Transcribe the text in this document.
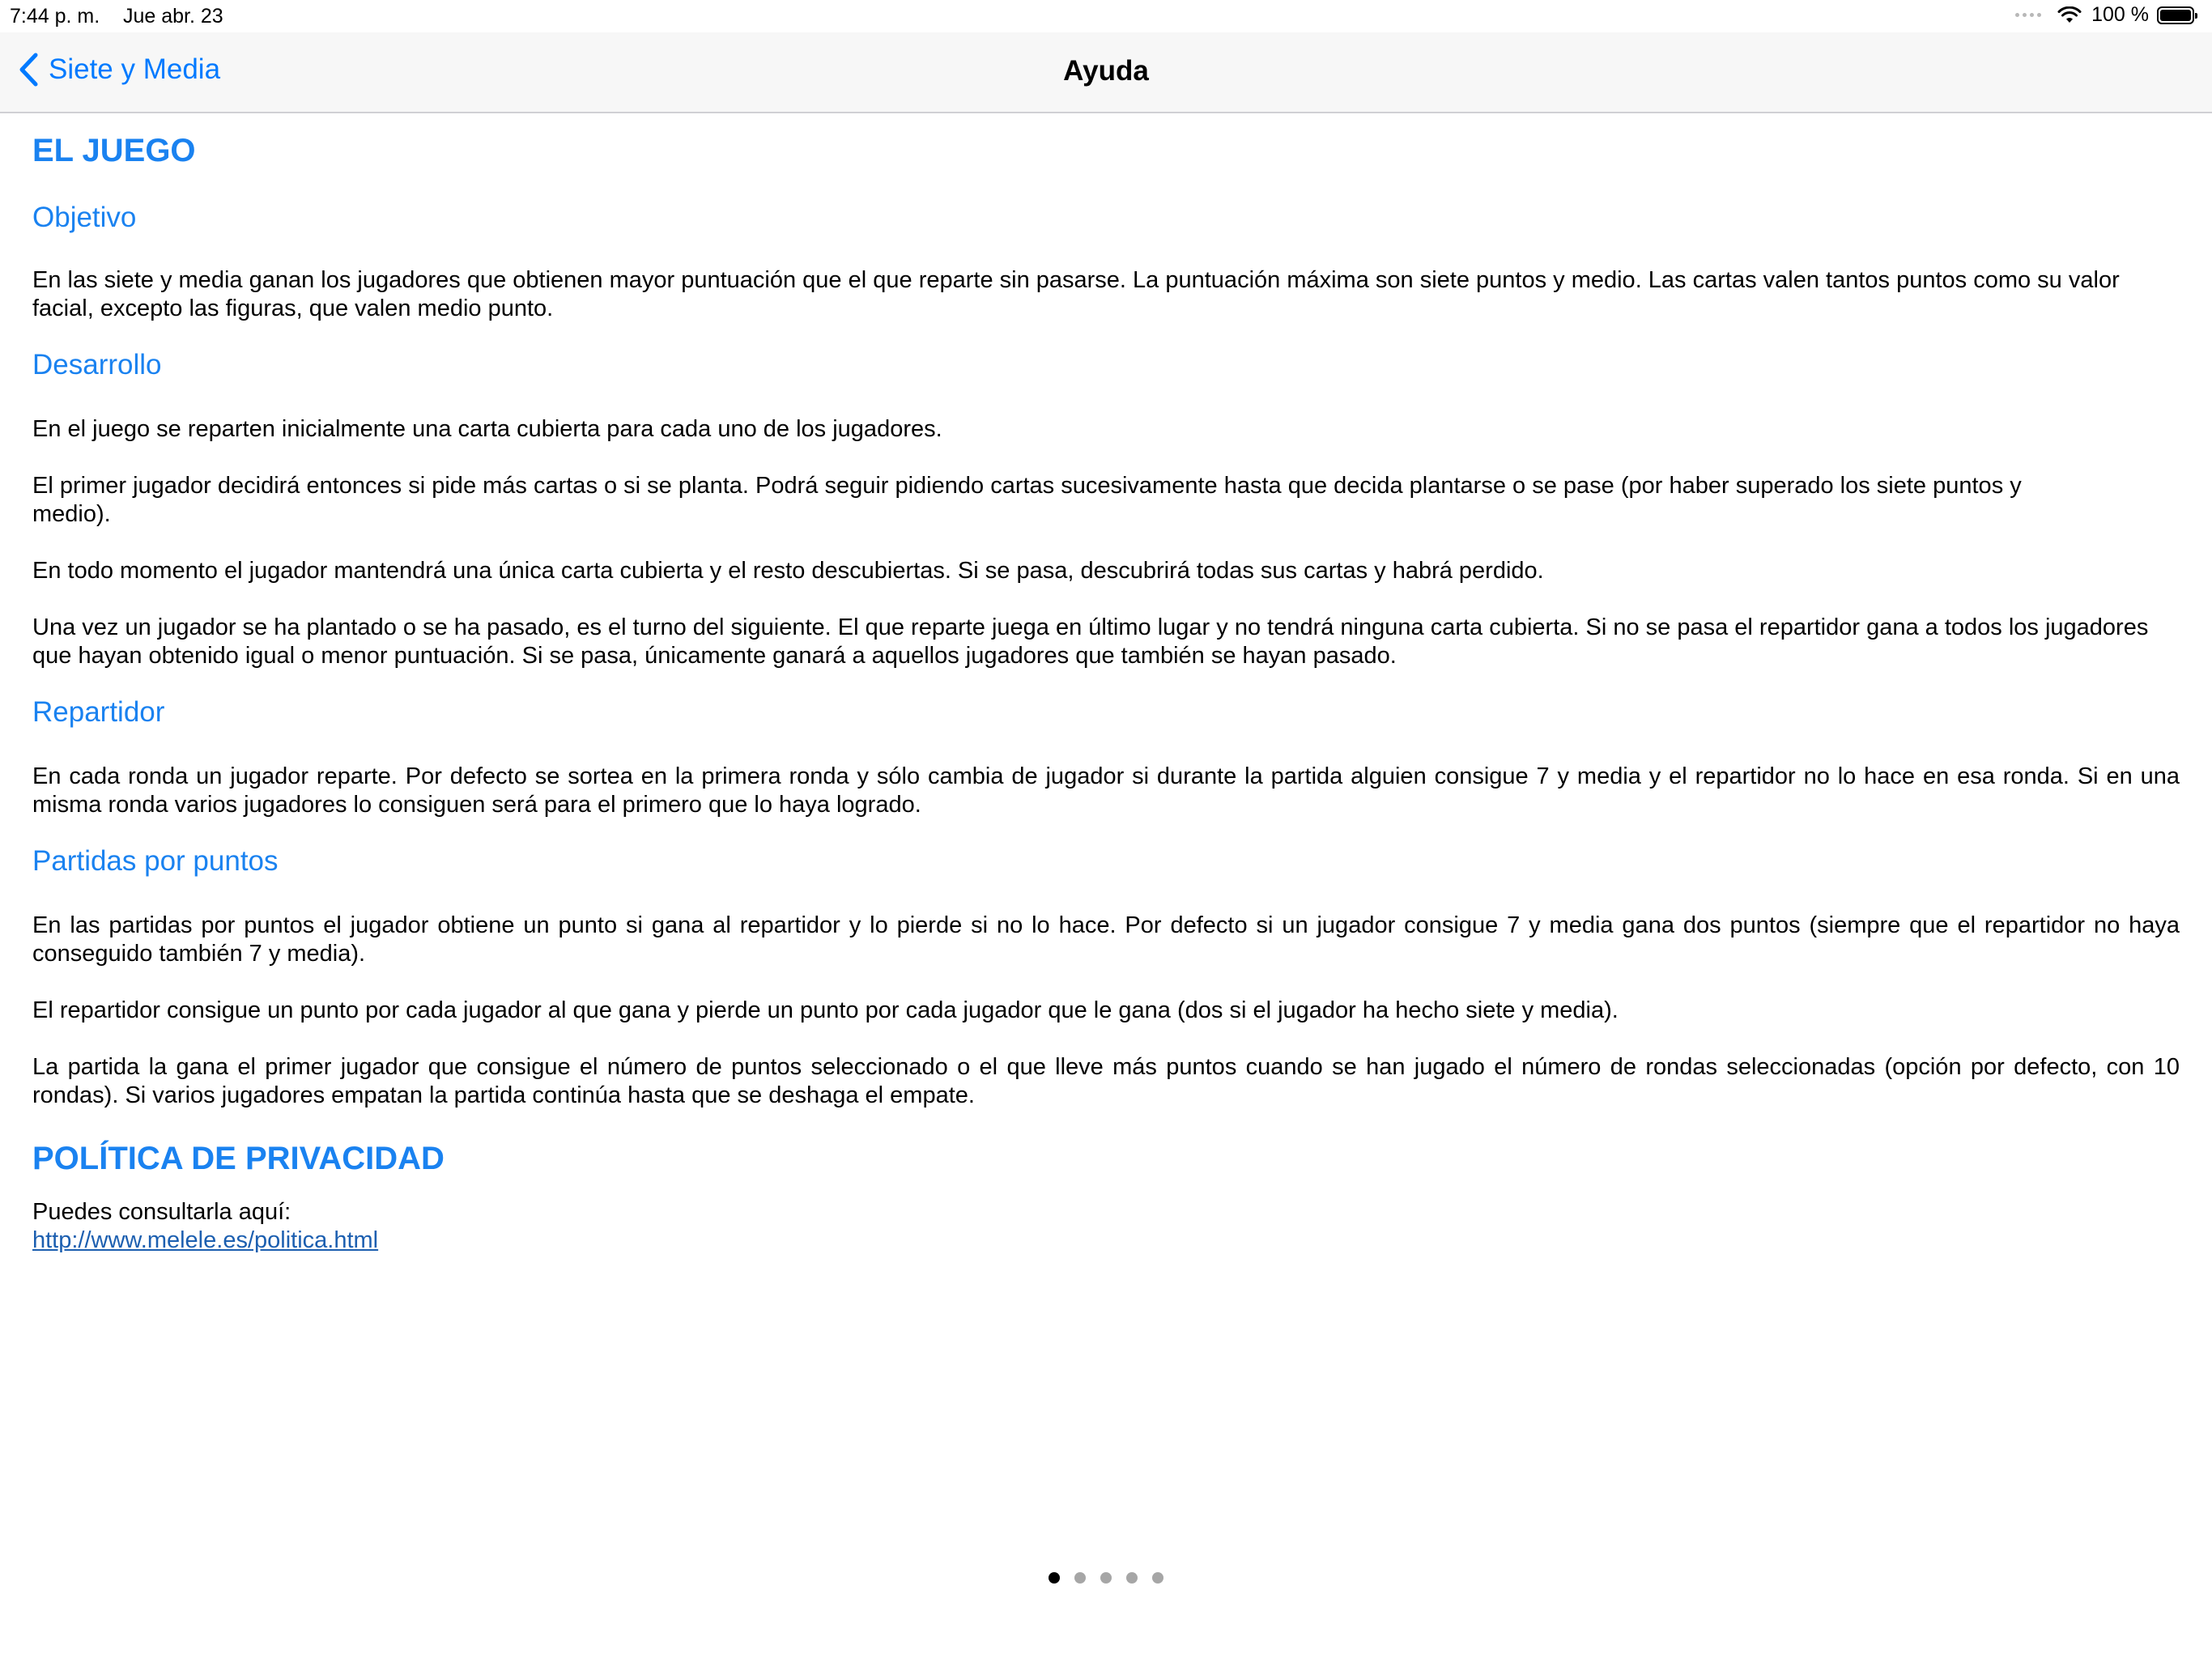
7:44 p. m. Jue abr. 23	100 %
Siete y Media	Ayuda
EL JUEGO
Objetivo

En las siete y media ganan los jugadores que obtienen mayor puntuación que el que reparte sin pasarse. La puntuación máxima son siete puntos y medio. Las cartas valen tantos puntos como su valor facial, excepto las figuras, que valen medio punto.

Desarrollo

En el juego se reparten inicialmente una carta cubierta para cada uno de los jugadores.

El primer jugador decidirá entonces si pide más cartas o si se planta. Podrá seguir pidiendo cartas sucesivamente hasta que decida plantarse o se pase (por haber superado los siete puntos y medio).

En todo momento el jugador mantendrá una única carta cubierta y el resto descubiertas. Si se pasa, descubrirá todas sus cartas y habrá perdido.

Una vez un jugador se ha plantado o se ha pasado, es el turno del siguiente. El que reparte juega en último lugar y no tendrá ninguna carta cubierta. Si no se pasa el repartidor gana a todos los jugadores que hayan obtenido igual o menor puntuación. Si se pasa, únicamente ganará a aquellos jugadores que también se hayan pasado.

Repartidor

En cada ronda un jugador reparte. Por defecto se sortea en la primera ronda y sólo cambia de jugador si durante la partida alguien consigue 7 y media y el repartidor no lo hace en esa ronda. Si en una misma ronda varios jugadores lo consiguen será para el primero que lo haya logrado.

Partidas por puntos

En las partidas por puntos el jugador obtiene un punto si gana al repartidor y lo pierde si no lo hace. Por defecto si un jugador consigue 7 y media gana dos puntos (siempre que el repartidor no haya conseguido también 7 y media).

El repartidor consigue un punto por cada jugador al que gana y pierde un punto por cada jugador que le gana (dos si el jugador ha hecho siete y media).

La partida la gana el primer jugador que consigue el número de puntos seleccionado o el que lleve más puntos cuando se han jugado el número de rondas seleccionadas (opción por defecto, con 10 rondas). Si varios jugadores empatan la partida continúa hasta que se deshaga el empate.

POLÍTICA DE PRIVACIDAD

Puedes consultarla aquí:

http://www.melele.es/politica.html
